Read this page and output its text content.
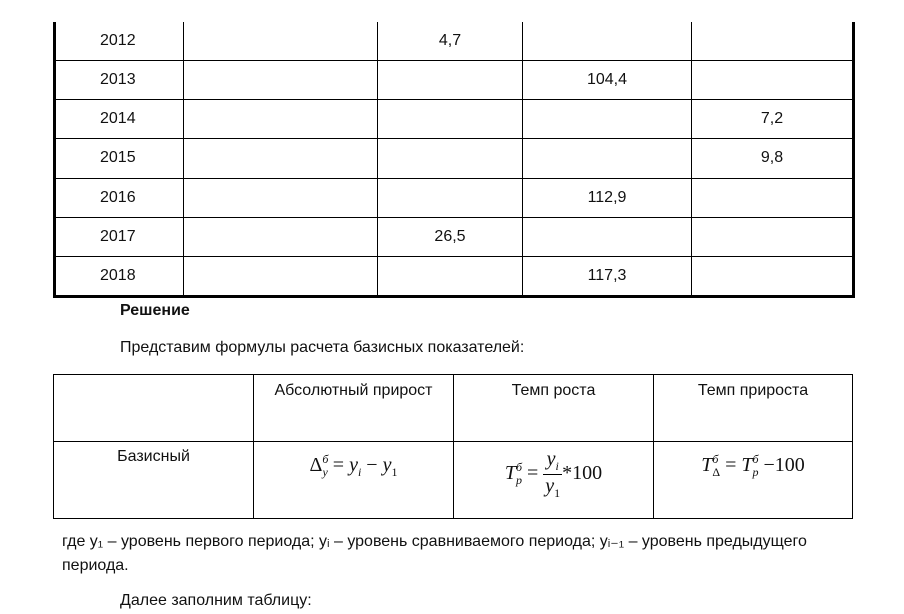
2012		4,7		
2013			104,4	
2014				7,2
2015				9,8
2016			112,9	
2017		26,5		
2018			117,3	
Решение
Представим формулы расчета базисных показателей:
	Абсолютный прирост	Темп роста	Темп прироста
Базисный	$\Delta^б_y = y_i - y_1$	$T^б_p = \frac{y_i}{y_1} *100$	$T^б_\Delta = T^б_p -100$
где y₁ – уровень первого периода; yᵢ – уровень сравниваемого периода; yᵢ₋₁ – уровень предыдущего периода.
Далее заполним таблицу:
